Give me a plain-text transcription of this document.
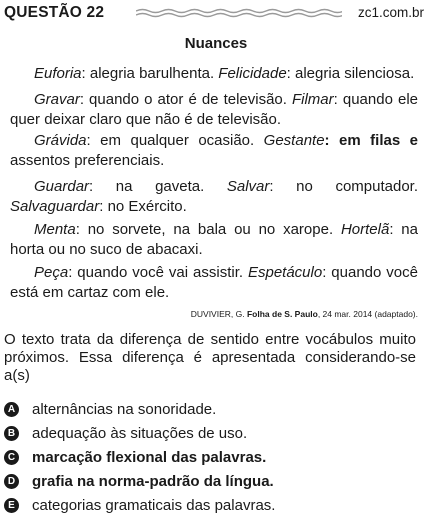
QUESTÃO 22	zc1.com.br
Nuances

Euforia: alegria barulhenta. Felicidade: alegria silenciosa.

Gravar: quando o ator é de televisão. Filmar: quando ele quer deixar claro que não é de televisão.

Grávida: em qualquer ocasião. Gestante: em filas e assentos preferenciais.

Guardar: na gaveta. Salvar: no computador. Salvaguardar: no Exército.

Menta: no sorvete, na bala ou no xarope. Hortelã: na horta ou no suco de abacaxi.

Peça: quando você vai assistir. Espetáculo: quando você está em cartaz com ele.

DUVIVIER, G. Folha de S. Paulo, 24 mar. 2014 (adaptado).

O texto trata da diferença de sentido entre vocábulos muito próximos. Essa diferença é apresentada considerando-se a(s)

A alternâncias na sonoridade.
B adequação às situações de uso.
C marcação flexional das palavras.
D grafia na norma-padrão da língua.
E categorias gramaticais das palavras.
